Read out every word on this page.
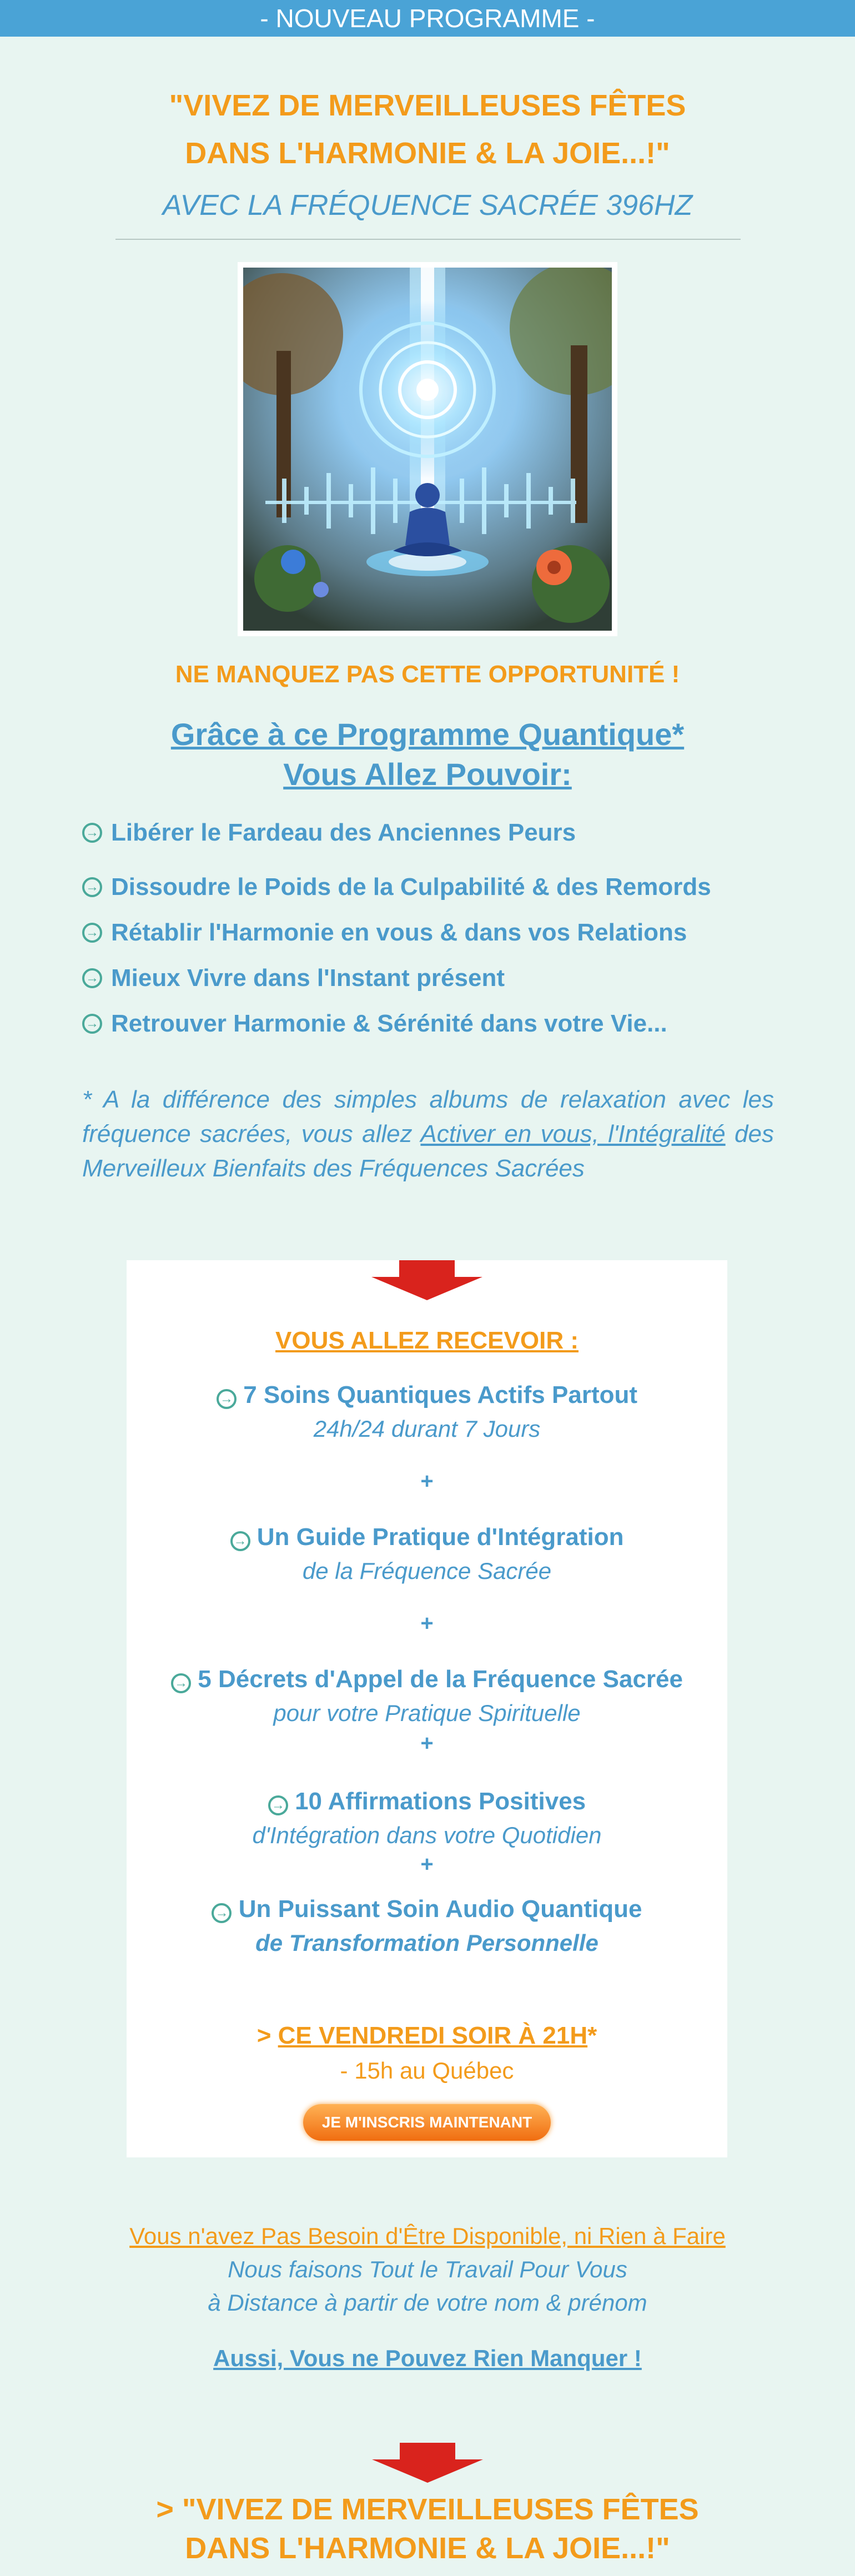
- NOUVEAU PROGRAMME -
"VIVEZ DE MERVEILLEUSES FÊTES
DANS L'HARMONIE & LA JOIE...!"
AVEC LA FRÉQUENCE SACRÉE 396HZ
NE MANQUEZ PAS CETTE OPPORTUNITÉ !
Grâce à ce Programme Quantique*
Vous Allez Pouvoir:
→ Libérer le Fardeau des Anciennes Peurs
→ Dissoudre le Poids de la Culpabilité & des Remords
→ Rétablir l'Harmonie en vous & dans vos Relations
→ Mieux Vivre dans l'Instant présent
→ Retrouver Harmonie & Sérénité dans votre Vie...
* A la différence des simples albums de relaxation avec les fréquence sacrées, vous allez Activer en vous, l'Intégralité des Merveilleux Bienfaits des Fréquences Sacrées
VOUS ALLEZ RECEVOIR :
→ 7 Soins Quantiques Actifs Partout
24h/24 durant 7 Jours
+
→ Un Guide Pratique d'Intégration
de la Fréquence Sacrée
+
→ 5 Décrets d'Appel de la Fréquence Sacrée
pour votre Pratique Spirituelle
+
→ 10 Affirmations Positives
d'Intégration dans votre Quotidien
+
→ Un Puissant Soin Audio Quantique
de Transformation Personnelle
> CE VENDREDI SOIR À 21H*
- 15h au Québec
JE M'INSCRIS MAINTENANT
Vous n'avez Pas Besoin d'Être Disponible, ni Rien à Faire
Nous faisons Tout le Travail Pour Vous
à Distance à partir de votre nom & prénom
Aussi, Vous ne Pouvez Rien Manquer !
> "VIVEZ DE MERVEILLEUSES FÊTES
DANS L'HARMONIE & LA JOIE...!"
